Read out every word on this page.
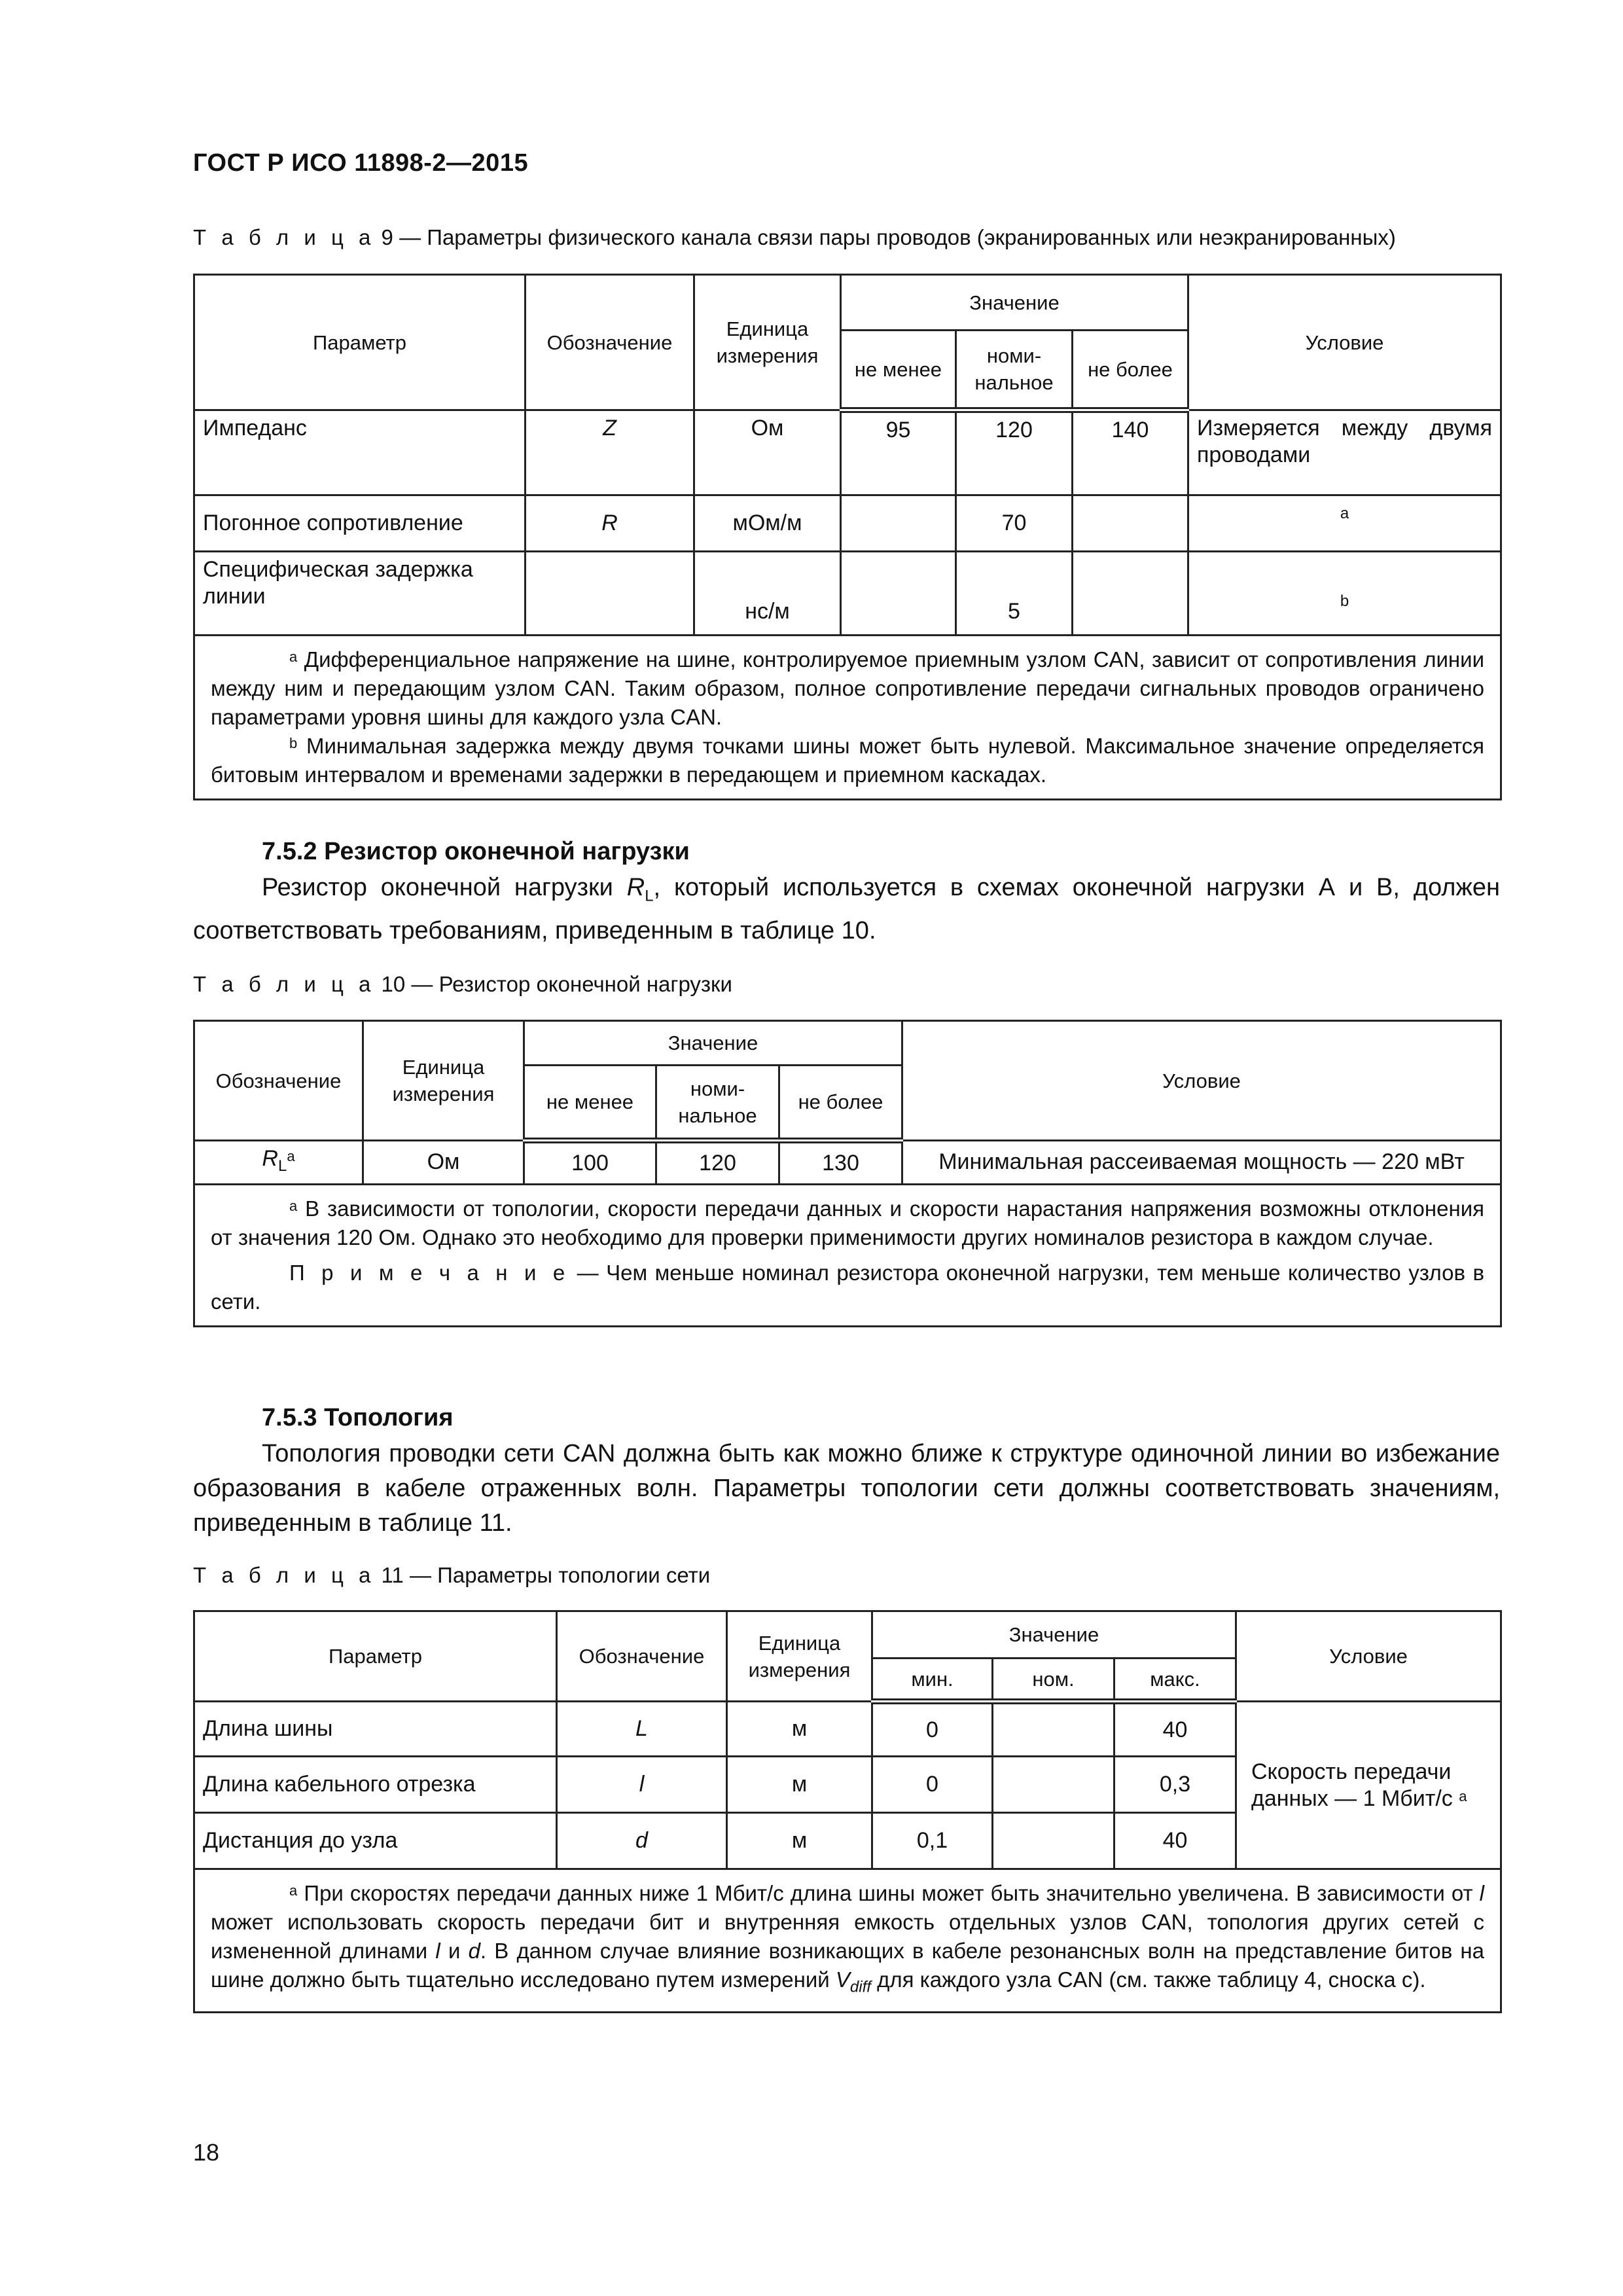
ГОСТ Р ИСО 11898-2—2015
Т а б л и ц а 9 — Параметры физического канала связи пары проводов (экранированных или неэкранированных)
Параметр	Обозначение	Единица измерения	Значение			Условие
			не менее	номи-нальное	не более	
Импеданс	Z	Ом	95	120	140	Измеряется между двумя проводами
Погонное сопротивление	R	мОм/м		70		a
Специфическая задержка линии		нс/м		5		b

$^a$ Дифференциальное напряжение на шине, контролируемое приемным узлом CAN, зависит от сопротивления линии между ним и передающим узлом CAN. Таким образом, полное сопротивление передачи сигнальных проводов ограничено параметрами уровня шины для каждого узла CAN.
$^b$ Минимальная задержка между двумя точками шины может быть нулевой. Максимальное значение определяется битовым интервалом и временами задержки в передающем и приемном каскадах.						
7.5.2 Резистор оконечной нагрузки
Резистор оконечной нагрузки $R_L$, который используется в схемах оконечной нагрузки А и В, должен соответствовать требованиям, приведенным в таблице 10.
Т а б л и ц а 10 — Резистор оконечной нагрузки
Обозначение	Единица измерения	Значение			Условие
		не менее	номи-нальное	не более	
$R_L^a$	Ом	100	120	130	Минимальная рассеиваемая мощность — 220 мВт

$^a$ В зависимости от топологии, скорости передачи данных и скорости нарастания напряжения возможны отклонения от значения 120 Ом. Однако это необходимо для проверки применимости других номиналов резистора в каждом случае.
П р и м е ч а н и е — Чем меньше номинал резистора оконечной нагрузки, тем меньше количество узлов в сети.					
7.5.3 Топология
Топология проводки сети CAN должна быть как можно ближе к структуре одиночной линии во избежание образования в кабеле отраженных волн. Параметры топологии сети должны соответствовать значениям, приведенным в таблице 11.
Т а б л и ц а 11 — Параметры топологии сети
Параметр	Обозначение	Единица измерения	Значение			Условие
			мин.	ном.	макс.	
Длина шины	L	м	0		40	Скорость передачи данных — 1 Мбит/с $^a$
Длина кабельного отрезка	l	м	0		0,3	
Дистанция до узла	d	м	0,1		40	

$^a$ При скоростях передачи данных ниже 1 Мбит/с длина шины может быть значительно увеличена. В зависимости от l может использовать скорость передачи бит и внутренняя емкость отдельных узлов CAN, топология других сетей с измененной длинами l и d. В данном случае влияние возникающих в кабеле резонансных волн на представление битов на шине должно быть тщательно исследовано путем измерений $V_{diff}$ для каждого узла CAN (см. также таблицу 4, сноска с).						
18
